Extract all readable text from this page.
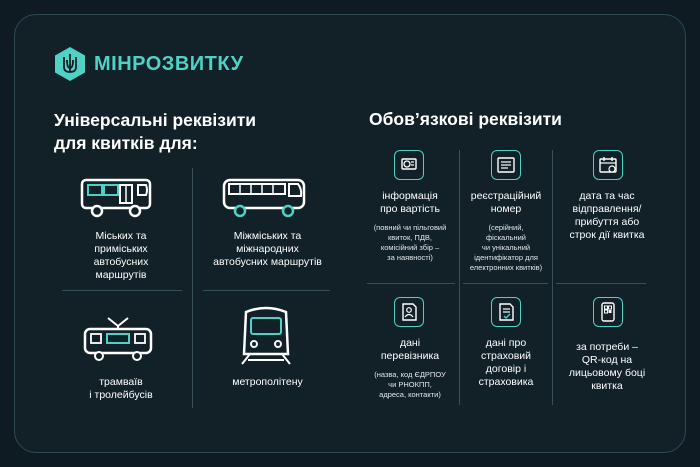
МІНРОЗВИТКУ
Універсальні реквізити
для квитків для:
Обов’язкові реквізити
Міських та
приміських автобусних
маршрутів
Міжміських та
міжнародних
автобусних маршрутів
трамваїв
і тролейбусів
метрополітену
інформація
про вартість
(повний чи пільговий
квиток, ПДВ,
комісійний збір –
за наявності)
реєстраційний
номер
(серійний,
фіскальний
чи унікальний
ідентифікатор для
електронних квитків)
дата та час
відправлення/
прибуття або
строк дії квитка
дані
перевізника
(назва, код ЄДРПОУ
чи РНОКПП,
адреса, контакти)
дані про
страховий
договір і
страховика
за потреби –
QR-код на
лицьовому боці
квитка
